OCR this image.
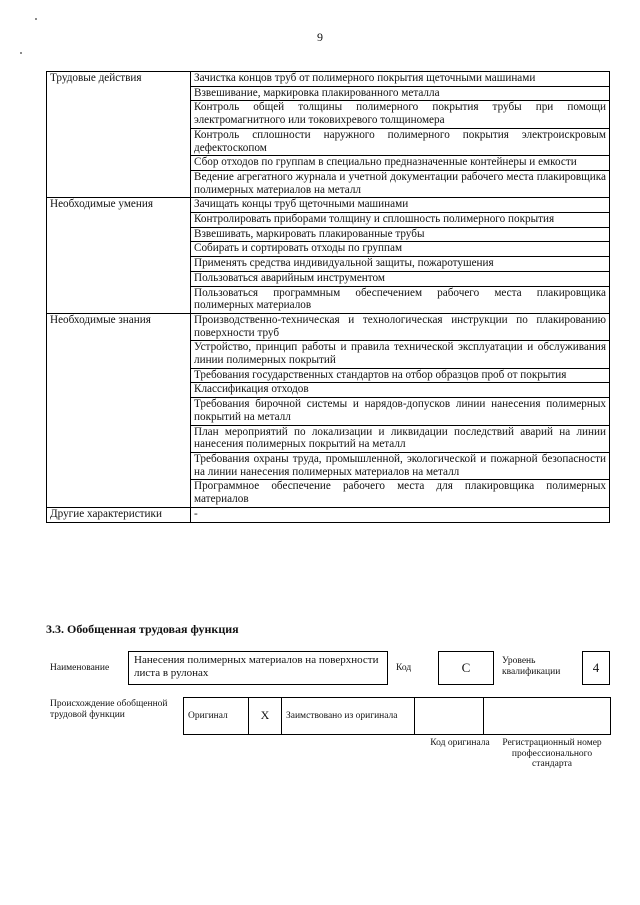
9
Трудовые действия	Зачистка концов труб от полимерного покрытия щеточными машинами
	Взвешивание, маркировка плакированного металла
	Контроль общей толщины полимерного покрытия трубы при помощи электромагнитного или токовихревого толщиномера
	Контроль сплошности наружного полимерного покрытия электроискровым дефектоскопом
	Сбор отходов по группам в специально предназначенные контейнеры и емкости
	Ведение агрегатного журнала и учетной документации рабочего места плакировщика полимерных материалов на металл
Необходимые умения	Зачищать концы труб щеточными машинами
	Контролировать приборами толщину и сплошность полимерного покрытия
	Взвешивать, маркировать плакированные трубы
	Собирать и сортировать отходы по группам
	Применять средства индивидуальной защиты, пожаротушения
	Пользоваться аварийным инструментом
	Пользоваться программным обеспечением рабочего места плакировщика полимерных материалов
Необходимые знания	Производственно-техническая и технологическая инструкции по плакированию поверхности труб
	Устройство, принцип работы и правила технической эксплуатации и обслуживания линии полимерных покрытий
	Требования государственных стандартов на отбор образцов проб от покрытия
	Классификация отходов
	Требования бирочной системы и нарядов-допусков линии нанесения полимерных покрытий на металл
	План мероприятий по локализации и ликвидации последствий аварий на линии нанесения полимерных покрытий на металл
	Требования охраны труда, промышленной, экологической и пожарной безопасности на линии нанесения полимерных материалов на металл
	Программное обеспечение рабочего места для плакировщика полимерных материалов
Другие характеристики	-
3.3. Обобщенная трудовая функция
Наименование
Нанесения полимерных материалов на поверхности листа в рулонах	Код	C	Уровень квалификации	4
Происхождение обобщенной трудовой функции	Оригинал	X	Заимствовано из оригинала		
Код оригинала Регистрационный номер профессионального стандарта
